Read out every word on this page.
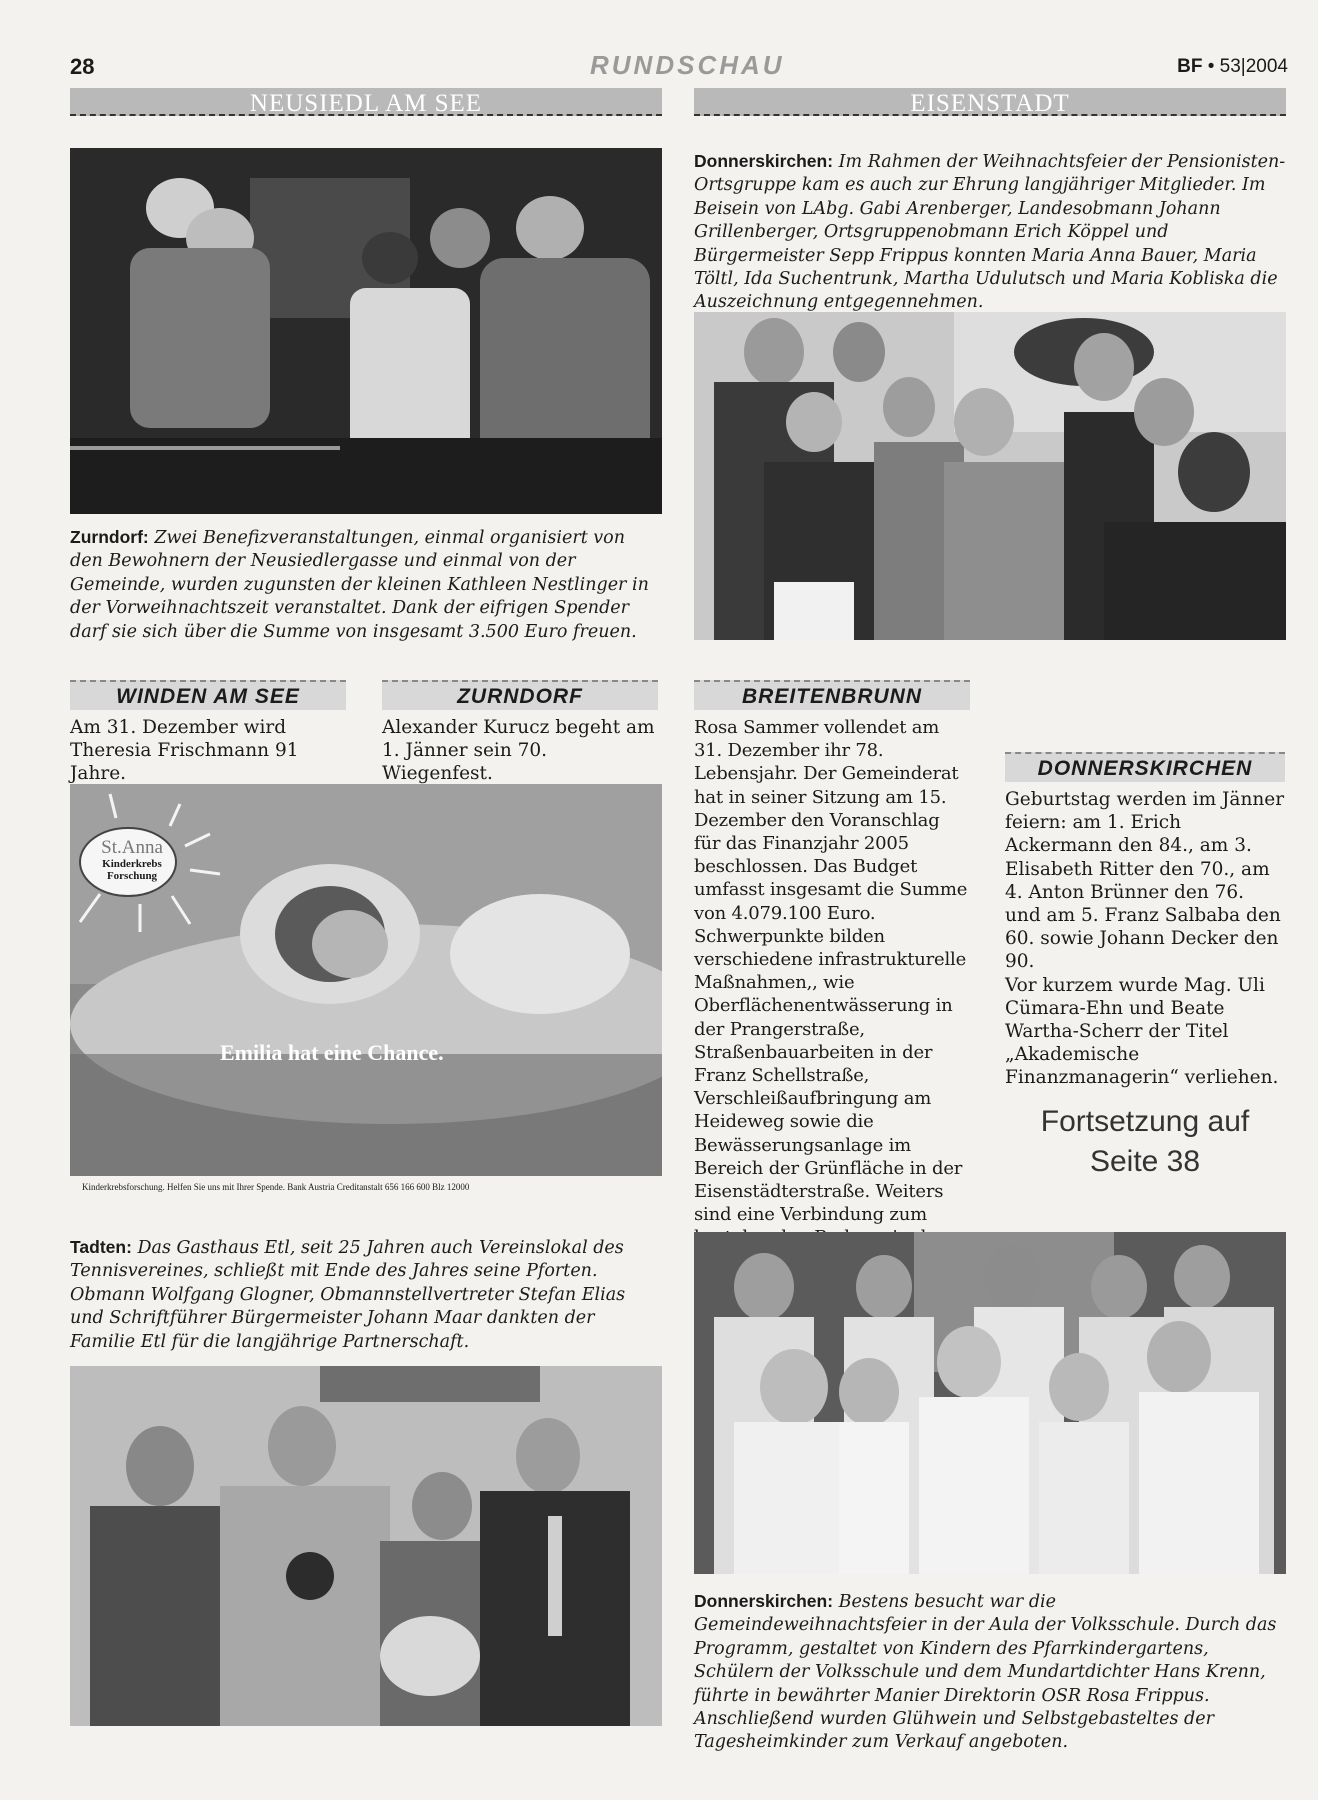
28	RUNDSCHAU	BF • 53|2004
NEUSIEDL AM SEE	EISENSTADT
Zurndorf: Zwei Benefizveranstaltungen, einmal organisiert von den Bewohnern der Neusiedlergasse und einmal von der Gemeinde, wurden zugunsten der kleinen Kathleen Nestlinger in der Vorweihnachtszeit veranstaltet. Dank der eifrigen Spender darf sie sich über die Summe von insgesamt 3.500 Euro freuen.
Donnerskirchen: Im Rahmen der Weihnachtsfeier der Pensionisten-Ortsgruppe kam es auch zur Ehrung langjähriger Mitglieder. Im Beisein von LAbg. Gabi Arenberger, Landesobmann Johann Grillenberger, Ortsgruppenobmann Erich Köppel und Bürgermeister Sepp Frippus konnten Maria Anna Bauer, Maria Töltl, Ida Suchentrunk, Martha Udulutsch und Maria Kobliska die Auszeichnung entgegennehmen.
WINDEN AM SEE
Am 31. Dezember wird Theresia Frischmann 91 Jahre.
ZURNDORF
Alexander Kurucz begeht am 1. Jänner sein 70. Wiegenfest.
BREITENBRUNN
Rosa Sammer vollendet am 31. Dezember ihr 78. Lebensjahr. Der Gemeinderat hat in seiner Sitzung am 15. Dezember den Voranschlag für das Finanzjahr 2005 beschlossen. Das Budget umfasst insgesamt die Summe von 4.079.100 Euro. Schwerpunkte bilden verschiedene infrastrukturelle Maßnahmen,, wie Oberflächenentwässerung in der Prangerstraße, Straßenbauarbeiten in der Franz Schellstraße, Verschleißaufbringung am Heideweg sowie die Bewässerungsanlage im Bereich der Grünfläche in der Eisenstädterstraße. Weiters sind eine Verbindung zum
DONNERSKIRCHEN
Geburtstag werden im Jänner feiern: am 1. Erich Ackermann den 84., am 3. Elisabeth Ritter den 70., am 4. Anton Brünner den 76. und am 5. Franz Salbaba den 60. sowie Johann Decker den 90.
Vor kurzem wurde Mag. Uli Cümara-Ehn und Beate Wartha-Scherr der Titel „Akademische Finanzmanagerin“ verliehen.
Fortsetzung auf
Seite 38
St.Anna
Kinderkrebs
Forschung
Emilia hat eine Chance.
Kinderkrebsforschung. Helfen Sie uns mit Ihrer Spende. Bank Austria Creditanstalt 656 166 600 Blz 12000
Tadten: Das Gasthaus Etl, seit 25 Jahren auch Vereinslokal des Tennisvereines, schließt mit Ende des Jahres seine Pforten. Obmann Wolfgang Glogner, Obmannstellvertreter Stefan Elias und Schriftführer Bürgermeister Johann Maar dankten der Familie Etl für die langjährige Partnerschaft.
Donnerskirchen: Bestens besucht war die Gemeindeweihnachtsfeier in der Aula der Volksschule. Durch das Programm, gestaltet von Kindern des Pfarrkindergartens, Schülern der Volksschule und dem Mundartdichter Hans Krenn, führte in bewährter Manier Direktorin OSR Rosa Frippus. Anschließend wurden Glühwein und Selbstgebasteltes der Tagesheimkinder zum Verkauf angeboten.
